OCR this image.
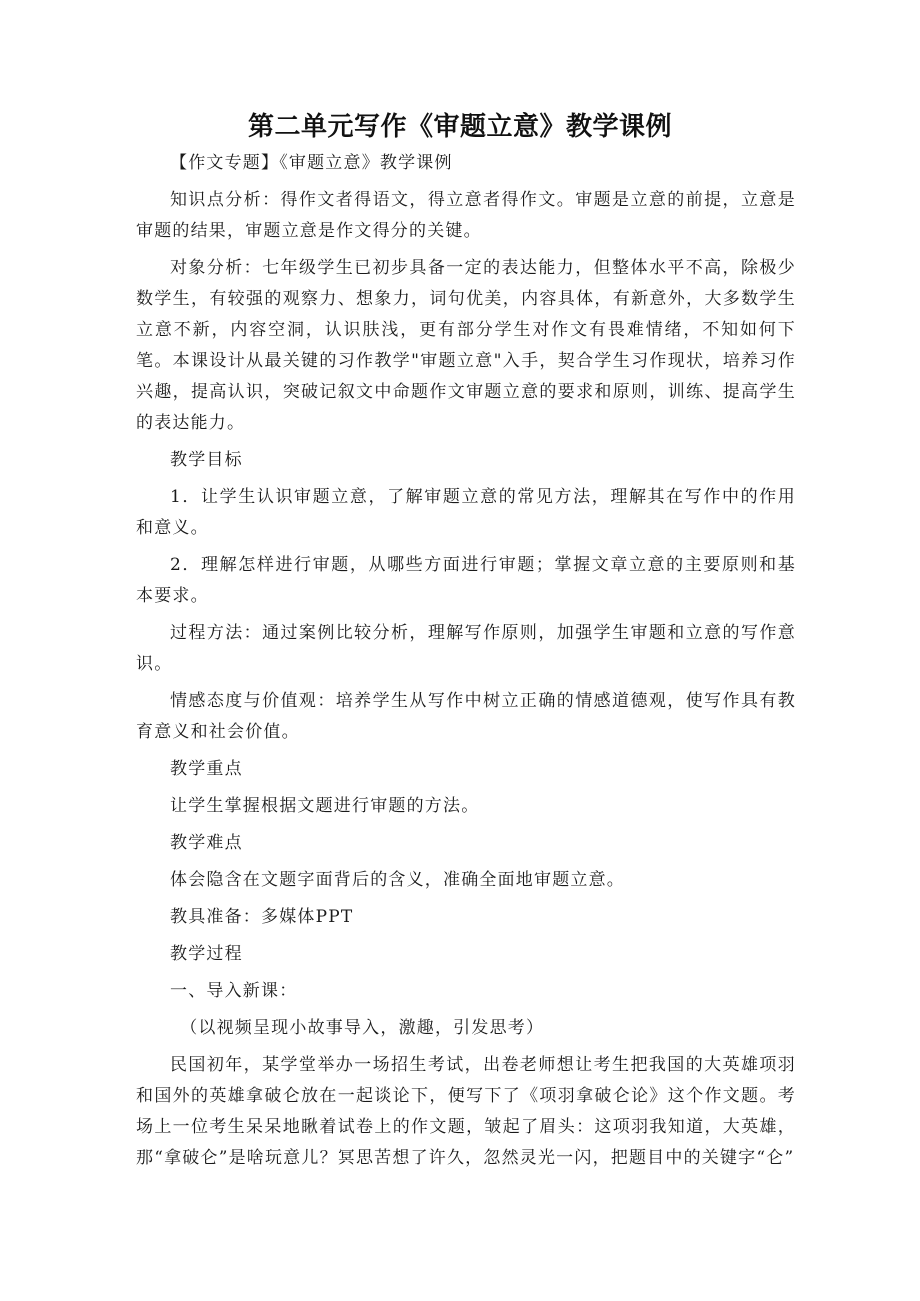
第二单元写作《审题立意》教学课例

【作文专题】《审题立意》教学课例

知识点分析：得作文者得语文，得立意者得作文。审题是立意的前提，立意是审题的结果，审题立意是作文得分的关键。

对象分析：七年级学生已初步具备一定的表达能力，但整体水平不高，除极少数学生，有较强的观察力、想象力，词句优美，内容具体，有新意外，大多数学生立意不新，内容空洞，认识肤浅，更有部分学生对作文有畏难情绪，不知如何下笔。本课设计从最关键的习作教学"审题立意"入手，契合学生习作现状，培养习作兴趣，提高认识，突破记叙文中命题作文审题立意的要求和原则，训练、提高学生的表达能力。

教学目标

1．让学生认识审题立意，了解审题立意的常见方法，理解其在写作中的作用和意义。

2．理解怎样进行审题，从哪些方面进行审题；掌握文章立意的主要原则和基本要求。

过程方法：通过案例比较分析，理解写作原则，加强学生审题和立意的写作意识。

情感态度与价值观：培养学生从写作中树立正确的情感道德观，使写作具有教育意义和社会价值。

教学重点

让学生掌握根据文题进行审题的方法。

教学难点

体会隐含在文题字面背后的含义，准确全面地审题立意。

教具准备：多媒体PPT

教学过程

一、导入新课：

（以视频呈现小故事导入，激趣，引发思考）

民国初年，某学堂举办一场招生考试，出卷老师想让考生把我国的大英雄项羽和国外的英雄拿破仑放在一起谈论下，便写下了《项羽拿破仑论》这个作文题。考场上一位考生呆呆地瞅着试卷上的作文题，皱起了眉头：这项羽我知道，大英雄，那“拿破仑”是啥玩意儿？冥思苦想了许久，忽然灵光一闪，把题目中的关键字“仑”
